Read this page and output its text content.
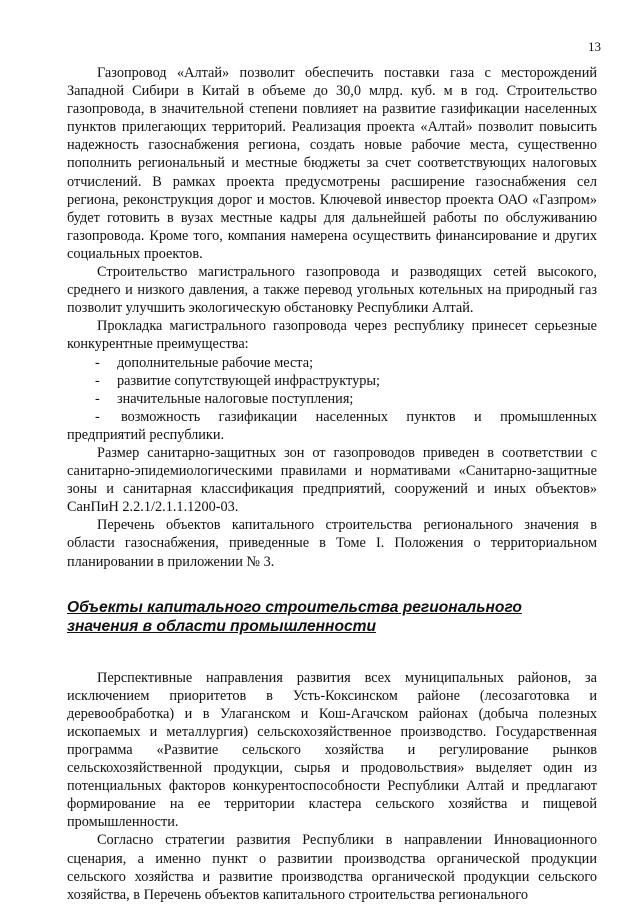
13

Газопровод «Алтай» позволит обеспечить поставки газа с месторождений Западной Сибири в Китай в объеме до 30,0 млрд. куб. м в год. Строительство газопровода, в значительной степени повлияет на развитие газификации населенных пунктов прилегающих территорий. Реализация проекта «Алтай» позволит повысить надежность газоснабжения региона, создать новые рабочие места, существенно пополнить региональный и местные бюджеты за счет соответствующих налоговых отчислений. В рамках проекта предусмотрены расширение газоснабжения сел региона, реконструкция дорог и мостов. Ключевой инвестор проекта ОАО «Газпром» будет готовить в вузах местные кадры для дальнейшей работы по обслуживанию газопровода. Кроме того, компания намерена осуществить финансирование и других социальных проектов.

Строительство магистрального газопровода и разводящих сетей высокого, среднего и низкого давления, а также перевод угольных котельных на природный газ позволит улучшить экологическую обстановку Республики Алтай.

Прокладка магистрального газопровода через республику принесет серьезные конкурентные преимущества:

- дополнительные рабочие места;
- развитие сопутствующей инфраструктуры;
- значительные налоговые поступления;
- возможность газификации населенных пунктов и промышленных предприятий республики.

Размер санитарно-защитных зон от газопроводов приведен в соответствии с санитарно-эпидемиологическими правилами и нормативами «Санитарно-защитные зоны и санитарная классификация предприятий, сооружений и иных объектов» СанПиН 2.2.1/2.1.1.1200-03.

Перечень объектов капитального строительства регионального значения в области газоснабжения, приведенные в Томе I. Положения о территориальном планировании в приложении № 3.

Объекты капитального строительства регионального значения в области промышленности

Перспективные направления развития всех муниципальных районов, за исключением приоритетов в Усть-Коксинском районе (лесозаготовка и деревообработка) и в Улаганском и Кош-Агачском районах (добыча полезных ископаемых и металлургия) сельскохозяйственное производство. Государственная программа «Развитие сельского хозяйства и регулирование рынков сельскохозяйственной продукции, сырья и продовольствия» выделяет один из потенциальных факторов конкурентоспособности Республики Алтай и предлагают формирование на ее территории кластера сельского хозяйства и пищевой промышленности.

Согласно стратегии развития Республики в направлении Инновационного сценария, а именно пункт о развитии производства органической продукции сельского хозяйства и развитие производства органической продукции сельского хозяйства, в Перечень объектов капитального строительства регионального
